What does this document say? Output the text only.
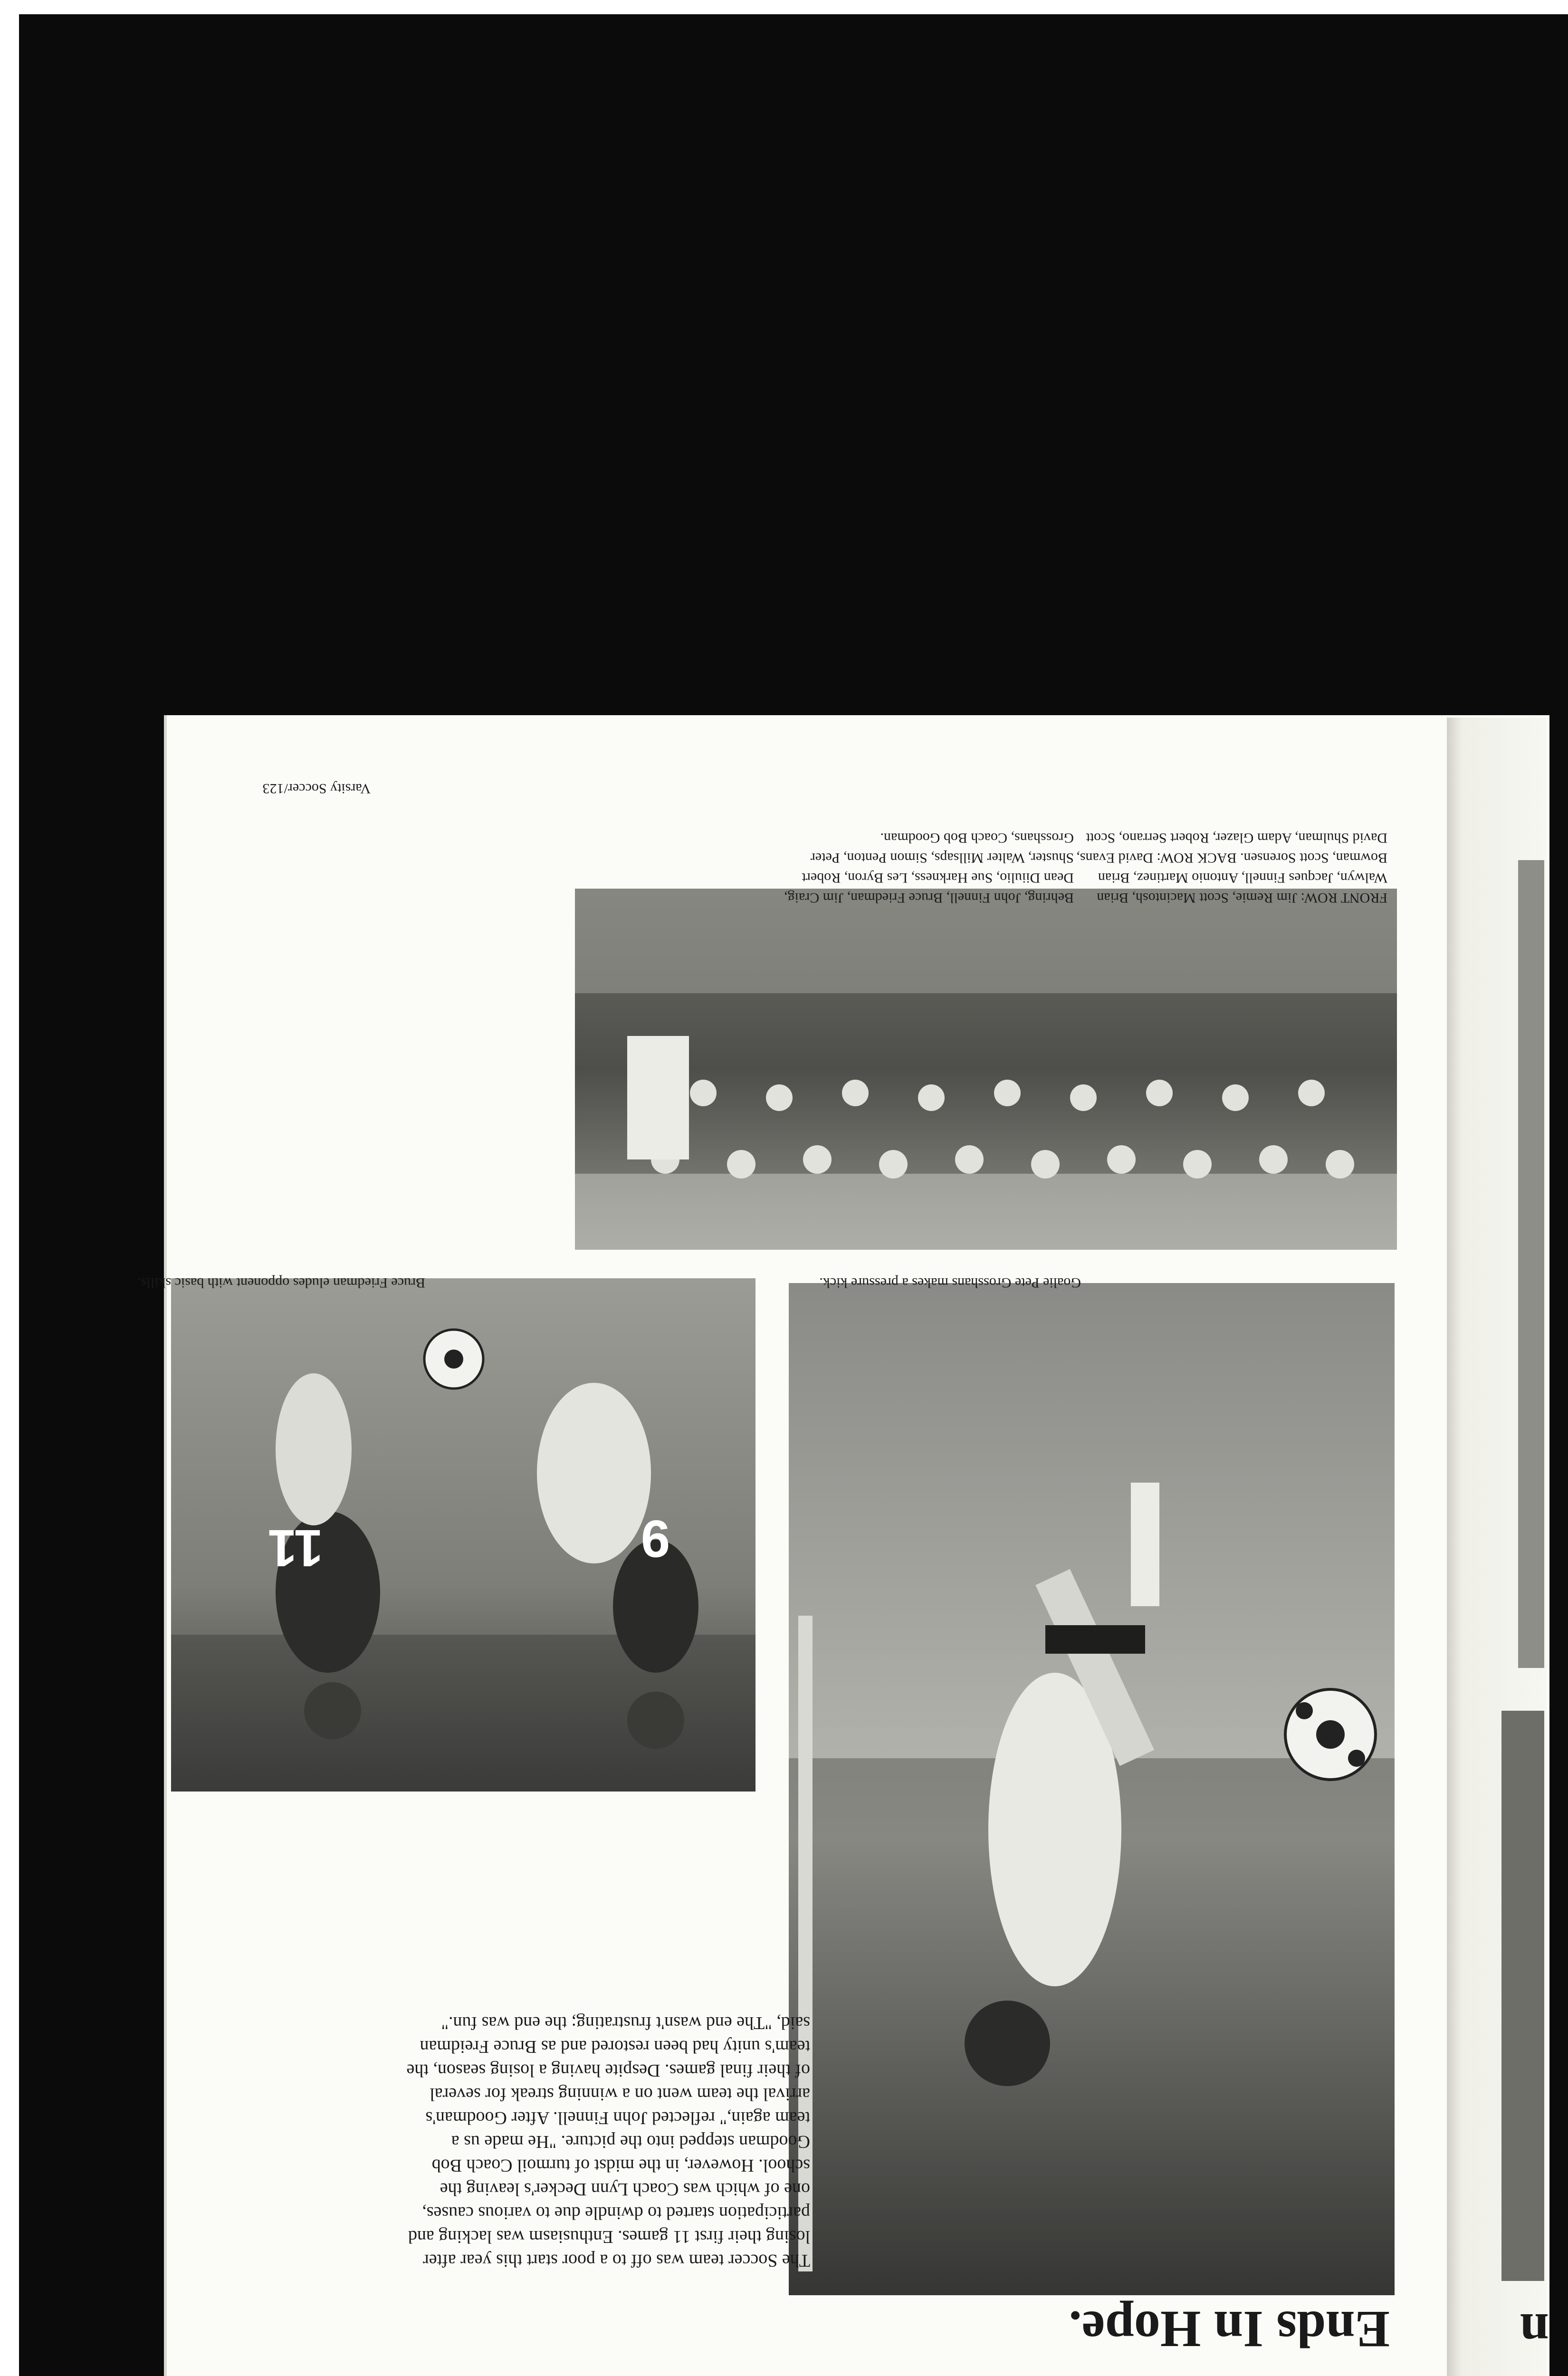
Ends In Hope.
The Soccer team was off to a poor start this year after
losing their first 11 games. Enthusiasm was lacking and
participation started to dwindle due to various causes,
one of which was Coach Lynn Decker's leaving the
school. However, in the midst of turmoil Coach Bob
Goodman stepped into the picture. "He made us a
team again," reflected John Finnell. After Goodman's
arrival the team went on a winning streak for several
of their final games. Despite having a losing season, the
team's unity had been restored and as Bruce Freidman
said, "The end wasn't frustrating; the end was fun."
Bruce Friedman eludes opponent with basic skills.	Goalie Pete Grosshans makes a pressure kick.
FRONT ROW: Jim Remie, Scott Macintosh, Brian
Walwyn, Jacques Finnell, Antonio Martinez, Brian
Bowman, Scott Sorensen. BACK ROW: David Evans,
David Shulman, Adam Glazer, Robert Serrano, Scott
Behring, John Finnell, Bruce Friedman, Jim Craig,
Dean Diiulio, Sue Harkness, Les Byron, Robert
Shuster, Walter Millsaps, Simon Penton, Peter
Grosshans, Coach Bob Goodman.
Varsity Soccer/123
n
9
11
